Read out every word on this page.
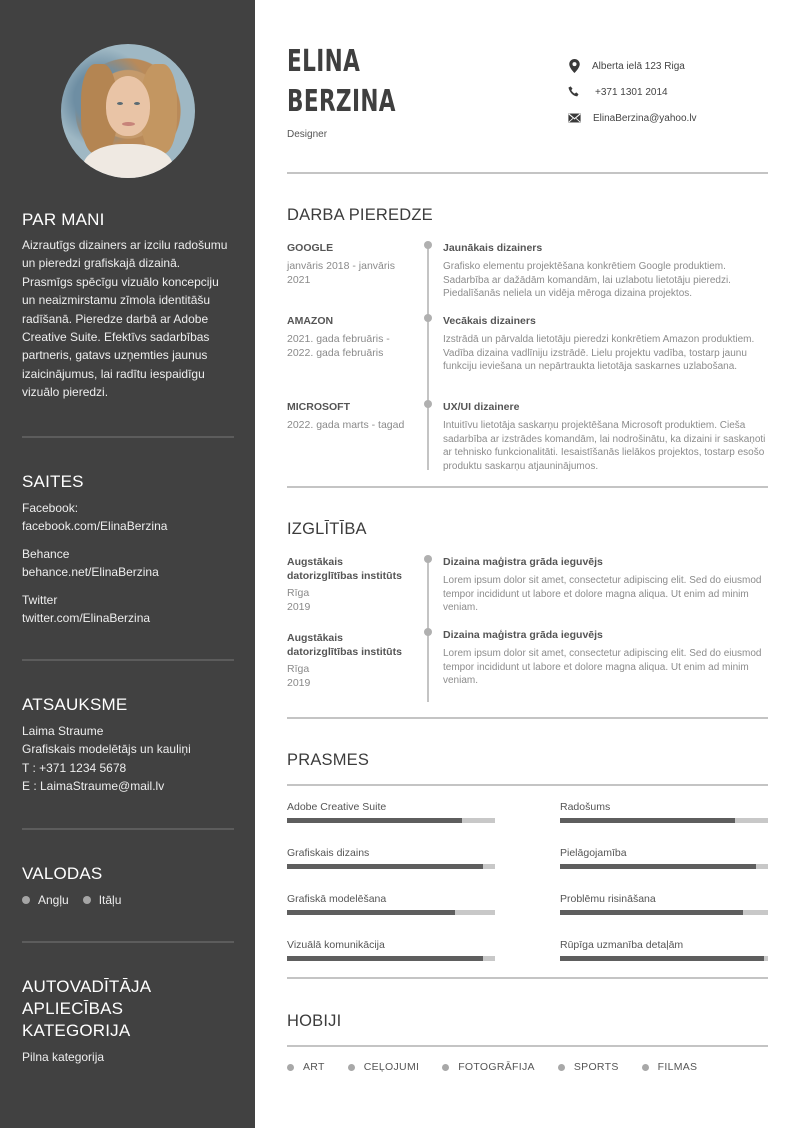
PAR MANI
Aizrautīgs dizainers ar izcilu radošumu un pieredzi grafiskajā dizainā. Prasmīgs spēcīgu vizuālo koncepciju un neaizmirstamu zīmola identitāšu radīšanā. Pieredze darbā ar Adobe Creative Suite. Efektīvs sadarbības partneris, gatavs uzņemties jaunus izaicinājumus, lai radītu iespaidīgu vizuālo pieredzi.
SAITES
Facebook:
facebook.com/ElinaBerzina
Behance
behance.net/ElinaBerzina
Twitter
twitter.com/ElinaBerzina
ATSAUKSME
Laima Straume
Grafiskais modelētājs un kauliņi
T : +371 1234 5678
E : LaimaStraume@mail.lv
VALODAS
Angļu	Itāļu
AUTOVADĪTĀJA APLIECĪBAS KATEGORIJA
Pilna kategorija
ELINA
BERZINA
Designer
Alberta ielā 123 Riga
+371 1301 2014
ElinaBerzina@yahoo.lv
DARBA PIEREDZE
GOOGLE
janvāris 2018 - janvāris 2021
Jaunākais dizainers
Grafisko elementu projektēšana konkrētiem Google produktiem. Sadarbība ar dažādām komandām, lai uzlabotu lietotāju pieredzi. Piedalīšanās neliela un vidēja mēroga dizaina projektos.
AMAZON
2021. gada februāris - 2022. gada februāris
Vecākais dizainers
Izstrādā un pārvalda lietotāju pieredzi konkrētiem Amazon produktiem. Vadība dizaina vadlīniju izstrādē. Lielu projektu vadība, tostarp jaunu funkciju ieviešana un nepārtraukta lietotāja saskarnes uzlabošana.
MICROSOFT
2022. gada marts - tagad
UX/UI dizainere
Intuitīvu lietotāja saskarņu projektēšana Microsoft produktiem. Cieša sadarbība ar izstrādes komandām, lai nodrošinātu, ka dizaini ir saskaņoti ar tehnisko funkcionalitāti. Iesaistīšanās lielākos projektos, tostarp esošo produktu saskarņu atjauninājumos.
IZGLĪTĪBA
Augstākais datorizglītības institūts
Rīga
2019
Dizaina maģistra grāda ieguvējs
Lorem ipsum dolor sit amet, consectetur adipiscing elit. Sed do eiusmod tempor incididunt ut labore et dolore magna aliqua. Ut enim ad minim veniam.
Augstākais datorizglītības institūts
Rīga
2019
Dizaina maģistra grāda ieguvējs
Lorem ipsum dolor sit amet, consectetur adipiscing elit. Sed do eiusmod tempor incididunt ut labore et dolore magna aliqua. Ut enim ad minim veniam.
PRASMES
Adobe Creative Suite	Radošums
Grafiskais dizains	Pielāgojamība
Grafiskā modelēšana	Problēmu risināšana
Vizuālā komunikācija	Rūpīga uzmanība detaļām
HOBIJI
ART	CEĻOJUMI	FOTOGRĀFIJA	SPORTS	FILMAS
